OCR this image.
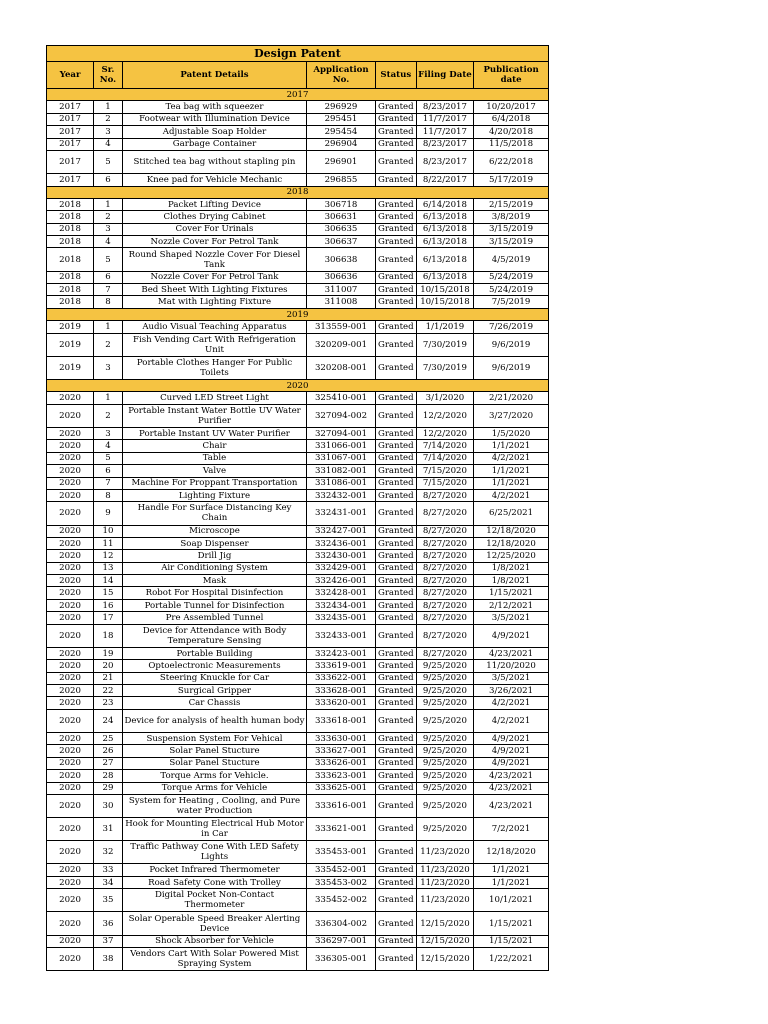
Design Patent						
Year	Sr. No.	Patent Details	Application No.	Status	Filing Date	Publication date
2017						
2017	1	Tea bag with squeezer	296929	Granted	8/23/2017	10/20/2017
2017	2	Footwear with Illumination Device	295451	Granted	11/7/2017	6/4/2018
2017	3	Adjustable Soap Holder	295454	Granted	11/7/2017	4/20/2018
2017	4	Garbage Container	296904	Granted	8/23/2017	11/5/2018
2017	5	Stitched tea bag without stapling pin	296901	Granted	8/23/2017	6/22/2018
2017	6	Knee pad for Vehicle Mechanic	296855	Granted	8/22/2017	5/17/2019
2018						
2018	1	Packet Lifting Device	306718	Granted	6/14/2018	2/15/2019
2018	2	Clothes Drying Cabinet	306631	Granted	6/13/2018	3/8/2019
2018	3	Cover For Urinals	306635	Granted	6/13/2018	3/15/2019
2018	4	Nozzle Cover For Petrol Tank	306637	Granted	6/13/2018	3/15/2019
2018	5	Round Shaped Nozzle Cover For Diesel Tank	306638	Granted	6/13/2018	4/5/2019
2018	6	Nozzle Cover For Petrol Tank	306636	Granted	6/13/2018	5/24/2019
2018	7	Bed Sheet With Lighting Fixtures	311007	Granted	10/15/2018	5/24/2019
2018	8	Mat with Lighting Fixture	311008	Granted	10/15/2018	7/5/2019
2019						
2019	1	Audio Visual Teaching Apparatus	313559-001	Granted	1/1/2019	7/26/2019
2019	2	Fish Vending Cart With Refrigeration Unit	320209-001	Granted	7/30/2019	9/6/2019
2019	3	Portable Clothes Hanger For Public Toilets	320208-001	Granted	7/30/2019	9/6/2019
2020						
2020	1	Curved LED Street Light	325410-001	Granted	3/1/2020	2/21/2020
2020	2	Portable Instant Water Bottle UV Water Purifier	327094-002	Granted	12/2/2020	3/27/2020
2020	3	Portable Instant UV Water Purifier	327094-001	Granted	12/2/2020	1/5/2020
2020	4	Chair	331066-001	Granted	7/14/2020	1/1/2021
2020	5	Table	331067-001	Granted	7/14/2020	4/2/2021
2020	6	Valve	331082-001	Granted	7/15/2020	1/1/2021
2020	7	Machine For Proppant Transportation	331086-001	Granted	7/15/2020	1/1/2021
2020	8	Lighting Fixture	332432-001	Granted	8/27/2020	4/2/2021
2020	9	Handle For Surface Distancing Key Chain	332431-001	Granted	8/27/2020	6/25/2021
2020	10	Microscope	332427-001	Granted	8/27/2020	12/18/2020
2020	11	Soap Dispenser	332436-001	Granted	8/27/2020	12/18/2020
2020	12	Drill Jig	332430-001	Granted	8/27/2020	12/25/2020
2020	13	Air Conditioning System	332429-001	Granted	8/27/2020	1/8/2021
2020	14	Mask	332426-001	Granted	8/27/2020	1/8/2021
2020	15	Robot For Hospital Disinfection	332428-001	Granted	8/27/2020	1/15/2021
2020	16	Portable Tunnel for Disinfection	332434-001	Granted	8/27/2020	2/12/2021
2020	17	Pre Assembled Tunnel	332435-001	Granted	8/27/2020	3/5/2021
2020	18	Device for Attendance with Body Temperature Sensing	332433-001	Granted	8/27/2020	4/9/2021
2020	19	Portable Building	332423-001	Granted	8/27/2020	4/23/2021
2020	20	Optoelectronic Measurements	333619-001	Granted	9/25/2020	11/20/2020
2020	21	Steering Knuckle for Car	333622-001	Granted	9/25/2020	3/5/2021
2020	22	Surgical Gripper	333628-001	Granted	9/25/2020	3/26/2021
2020	23	Car Chassis	333620-001	Granted	9/25/2020	4/2/2021
2020	24	Device for analysis of health human body	333618-001	Granted	9/25/2020	4/2/2021
2020	25	Suspension System For Vehical	333630-001	Granted	9/25/2020	4/9/2021
2020	26	Solar Panel Stucture	333627-001	Granted	9/25/2020	4/9/2021
2020	27	Solar Panel Stucture	333626-001	Granted	9/25/2020	4/9/2021
2020	28	Torque Arms for Vehicle.	333623-001	Granted	9/25/2020	4/23/2021
2020	29	Torque Arms for Vehicle	333625-001	Granted	9/25/2020	4/23/2021
2020	30	System for Heating , Cooling, and Pure water Production	333616-001	Granted	9/25/2020	4/23/2021
2020	31	Hook for Mounting Electrical Hub Motor in Car	333621-001	Granted	9/25/2020	7/2/2021
2020	32	Traffic Pathway Cone With LED Safety Lights	335453-001	Granted	11/23/2020	12/18/2020
2020	33	Pocket Infrared Thermometer	335452-001	Granted	11/23/2020	1/1/2021
2020	34	Road Safety Cone with Trolley	335453-002	Granted	11/23/2020	1/1/2021
2020	35	Digital Pocket Non-Contact Thermometer	335452-002	Granted	11/23/2020	10/1/2021
2020	36	Solar Operable Speed Breaker Alerting Device	336304-002	Granted	12/15/2020	1/15/2021
2020	37	Shock Absorber for Vehicle	336297-001	Granted	12/15/2020	1/15/2021
2020	38	Vendors Cart With Solar Powered Mist Spraying System	336305-001	Granted	12/15/2020	1/22/2021
